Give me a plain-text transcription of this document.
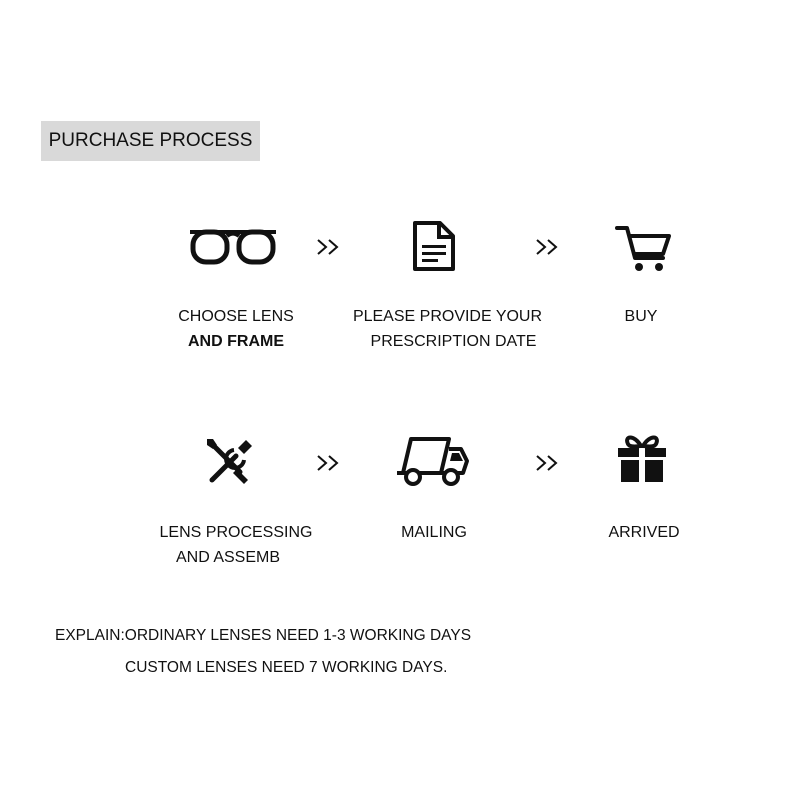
PURCHASE PROCESS
CHOOSE LENS
AND FRAME
PLEASE PROVIDE YOUR
PRESCRIPTION DATE
BUY
LENS PROCESSING
AND ASSEMB
MAILING	ARRIVED
EXPLAIN:ORDINARY LENSES NEED 1-3 WORKING DAYS
CUSTOM LENSES NEED 7 WORKING DAYS.
